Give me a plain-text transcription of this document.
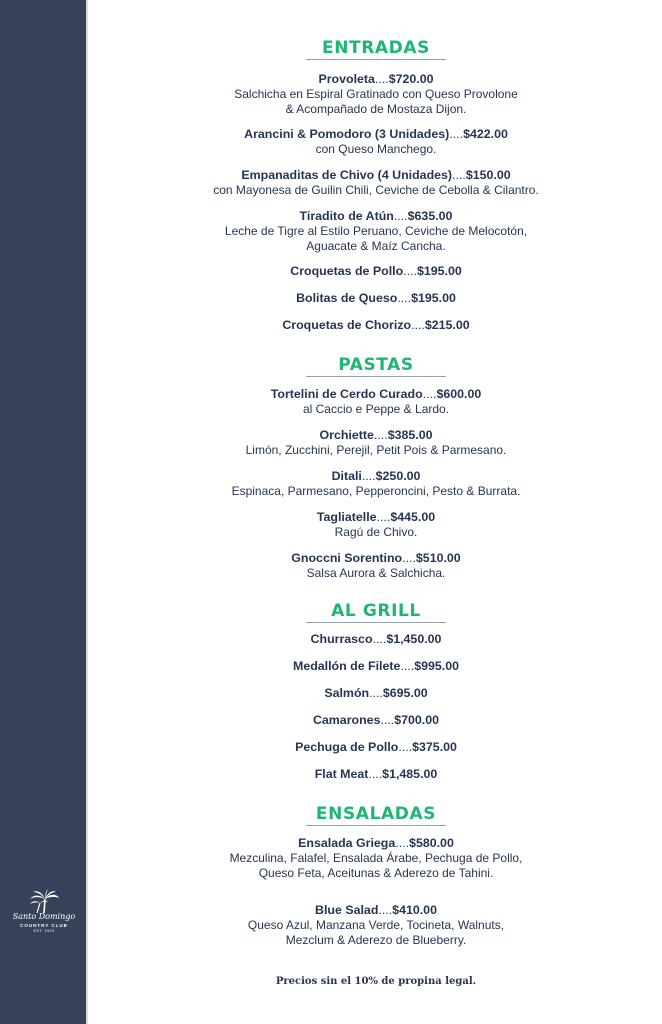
Santo Domingo
COUNTRY CLUB
EST. 1920
ENTRADAS
Provoleta....$720.00
Salchicha en Espiral Gratinado con Queso Provolone
& Acompañado de Mostaza Dijon.
Arancini & Pomodoro (3 Unidades)....$422.00
con Queso Manchego.
Empanaditas de Chivo (4 Unidades)....$150.00
con Mayonesa de Guilin Chili, Ceviche de Cebolla & Cilantro.
Tiradito de Atún....$635.00
Leche de Tigre al Estilo Peruano, Ceviche de Melocotón,
Aguacate & Maíz Cancha.
Croquetas de Pollo....$195.00
Bolitas de Queso....$195.00
Croquetas de Chorizo....$215.00
PASTAS
Tortelini de Cerdo Curado....$600.00
al Caccio e Peppe & Lardo.
Orchiette....$385.00
Limón, Zucchini, Perejil, Petit Pois & Parmesano.
Ditali....$250.00
Espinaca, Parmesano, Pepperoncini, Pesto & Burrata.
Tagliatelle....$445.00
Ragú de Chivo.
Gnoccni Sorentino....$510.00
Salsa Aurora & Salchicha.
AL GRILL
Churrasco....$1,450.00
Medallón de Filete....$995.00
Salmón....$695.00
Camarones....$700.00
Pechuga de Pollo....$375.00
Flat Meat....$1,485.00
ENSALADAS
Ensalada Griega....$580.00
Mezculina, Falafel, Ensalada Árabe, Pechuga de Pollo,
Queso Feta, Aceitunas & Aderezo de Tahini.
Blue Salad....$410.00
Queso Azul, Manzana Verde, Tocineta, Walnuts,
Mezclum & Aderezo de Blueberry.
Precios sin el 10% de propina legal.
